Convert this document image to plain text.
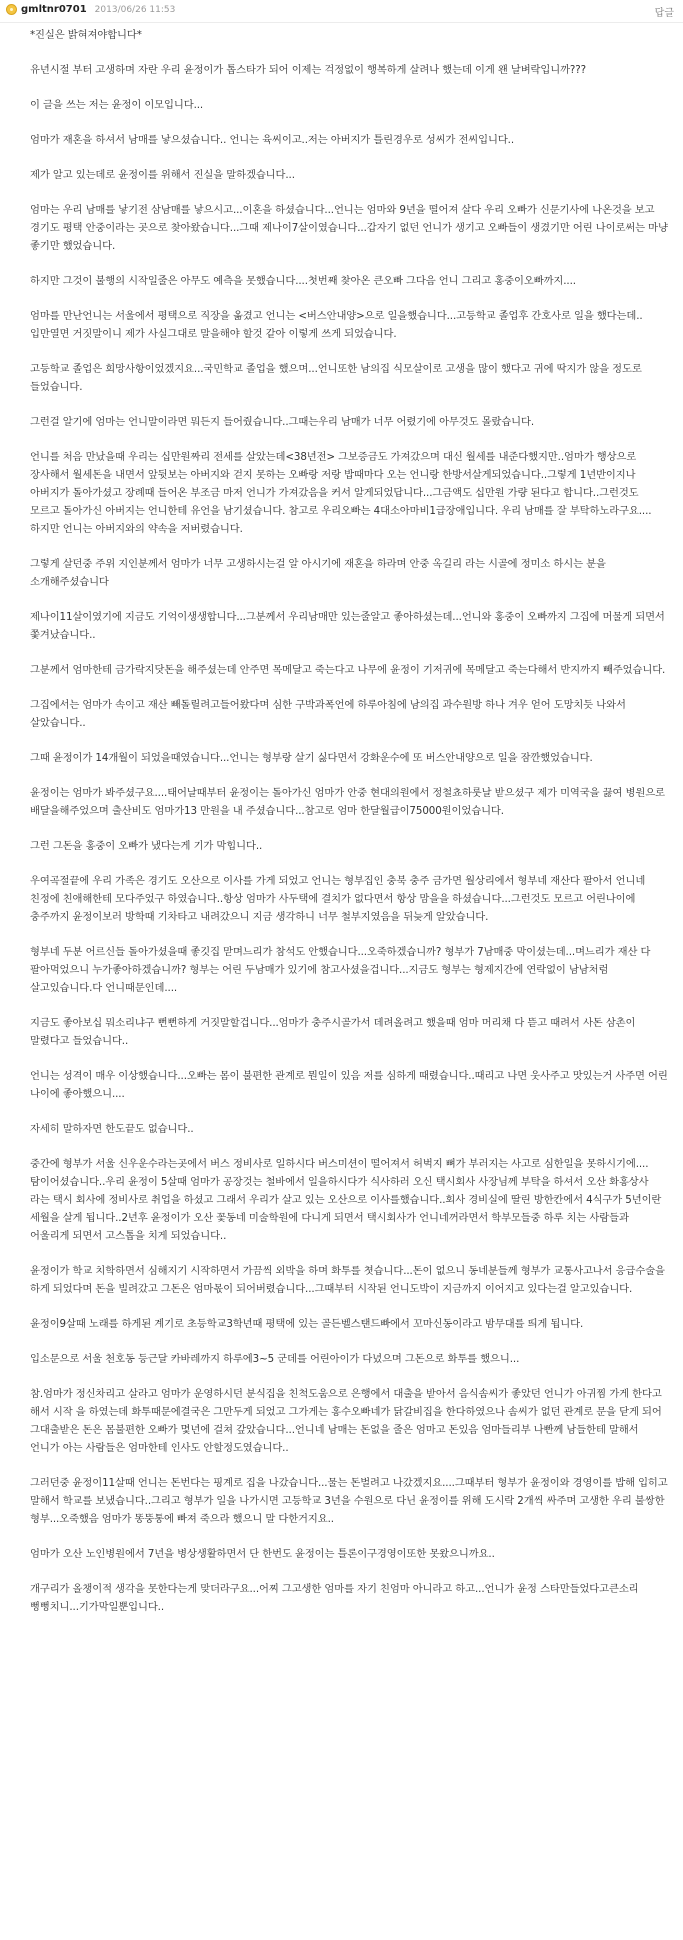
gmltnr0701 2013/06/26 11:53	답글

*진실은 밝혀져야합니다*

유년시절 부터 고생하며 자란 우리 윤정이가 톱스타가 되어 이제는 걱정없이 행복하게 살려나 했는데 이게 왠 날벼락입니까???

이 글을 쓰는 저는 윤정이 이모입니다...

엄마가 재혼을 하셔서 남매를 낳으셨습니다.. 언니는 육씨이고..저는 아버지가 틀린경우로 성씨가 전씨입니다..

제가 알고 있는데로 윤정이를 위해서 진실을 말하겠습니다...

엄마는 우리 남매를 낳기전 삼남매를 낳으시고...이혼을 하셨습니다...언니는 엄마와 9년을 떨어져 살다 우리 오빠가 신문기사에 나온것을 보고 경기도 평택 안중이라는 곳으로 찾아왔습니다...그때 제나이7살이였습니다...갑자기 없던 언니가 생기고 오빠들이 생겼기만 어린 나이로써는 마냥 좋기만 했었습니다.

하지만 그것이 불행의 시작일줄은 아무도 예측을 못했습니다....첫번째 찾아온 큰오빠 그다음 언니 그리고 홍중이오빠까지....

엄마를 만난언니는 서울에서 평택으로 직장을 옮겼고 언니는 <버스안내양>으로 일을했습니다...고등학교 졸업후 간호사로 일을 했다는데..입만열면 거짓말이니 제가 사실그대로 말을해야 할것 같아 이렇게 쓰게 되었습니다.

고등학교 졸업은 희망사항이었겠지요...국민학교 졸업을 했으며...언니또한 남의집 식모살이로 고생을 많이 했다고 귀에 딱지가 않을 정도로 들었습니다.

그런걸 알기에 엄마는 언니말이라면 뭐든지 들어줬습니다..그때는우리 남매가 너무 어렸기에 아무것도 몰랐습니다.

언니를 처음 만났을때 우리는 십만원짜리 전세를 살았는데<38년전> 그보증금도 가져갔으며 대신 월세를 내준다했지만..엄마가 행상으로 장사해서 월세돈을 내면서 앞뒷보는 아버지와 걷지 못하는 오빠랑 저랑 밥때마다 오는 언니랑 한방서살게되었습니다..그렇게 1년반이지나 아버지가 돌아가셨고 장례때 들어온 부조금 마저 언니가 가져갔음을 커서 알게되었답니다...그금액도 십만원 가량 된다고 합니다..그런것도 모르고 돌아가신 아버지는 언니한테 유언을 남기셨습니다. 참고로 우리오빠는 4대소아마비1급장애입니다. 우리 남매를 잘 부탁하노라구요....하지만 언니는 아버지와의 약속을 저버렸습니다.

그렇게 살던중 주위 지인분께서 엄마가 너무 고생하시는걸 알 아시기에 재혼을 하라며 안중 옥길리 라는 시골에 정미소 하시는 분을 소개해주셨습니다

제나이11살이였기에 지금도 기억이생생합니다...그분께서 우리남매만 있는줄알고 좋아하셨는데...언니와 홍중이 오빠까지 그집에 머물게 되면서 쫓겨났습니다..

그분께서 엄마한테 금가락지닷돈을 해주셨는데 안주면 목메달고 죽는다고 나무에 윤정이 기저귀에 목메달고 죽는다해서 반지까지 빼주었습니다.

그집에서는 엄마가 속이고 재산 빼돌릴려고들어왔다며 심한 구박과폭언에 하루아침에 남의집 과수원방 하나 겨우 얻어 도망치듯 나와서 살았습니다..

그때 윤정이가 14개월이 되었을때였습니다...언니는 형부랑 살기 싫다면서 강화운수에 또 버스안내양으로 일을 잠깐했었습니다.

윤정이는 엄마가 봐주셨구요....태어날때부터 윤정이는 돌아가신 엄마가 안중 현대의원에서 정철쵸하룻날 받으셨구 제가 미역국을 끓여 병원으로 배달을해주었으며 출산비도 엄마가13 만원을 내 주셨습니다...참고로 엄마 한달월급이75000원이었습니다.

그런 그돈을 홍중이 오빠가 냈다는게 기가 막힙니다..

우여곡절끝에 우리 가족은 경기도 오산으로 이사를 가게 되었고 언니는 형부집인 충북 충주 금가면 월상리에서 형부네 재산다 팔아서 언니네 친정에 친애해한테 모다주었구 하였습니다..항상 엄마가 사두택에 결치가 없다면서 항상 맘을을 하셨습니다...그런것도 모르고 어린나이에 충주까지 윤정이보러 방학때 기차타고 내려갔으니 지금 생각하니 너무 철부지였음을 뒤늦게 알았습니다.

형부네 두분 어르신들 돌아가셨을때 좋깃집 맏며느리가 참석도 안했습니다...오죽하겠습니까? 형부가 7남매중 막이셨는데...며느리가 재산 다 팔아먹었으니 누가좋아하겠습니까? 형부는 어린 두남매가 있기에 참고사셨을겁니다...지금도 형부는 형제지간에 연락없이 남남처럼 살고있습니다.다 언니때문인데....

지금도 좋아보십 뭐소리냐구 뻔뻔하게 거짓말할겁니다...엄마가 충주시골가서 데려올려고 했을때 엄마 머리채 다 뜯고 때려서 사돈 삼촌이 말렸다고 들었습니다..

언니는 성격이 매우 이상했습니다...오빠는 몸이 불편한 관계로 뭔일이 있음 저를 심하게 때렸습니다..때리고 나면 웃사주고 맛있는거 사주면 어린 나이에 좋아했으니....

자세히 말하자면 한도끝도 없습니다..

중간에 형부가 서울 신우운수라는곳에서 버스 정비사로 일하시다 버스미션이 떨어져서 허벅지 뼈가 부러지는 사고로 심한일을 못하시기에....탐이어셨습니다..우리 윤정이 5살때 엄마가 공장것는 철바에서 일을하시다가 식사하러 오신 택시회사 사장님께 부탁을 하셔서 오산 화홍상사 라는 택시 회사에 정비사로 취업을 하셨고 그래서 우리가 살고 있는 오산으로 이사를했습니다..회사 경비실에 딸린 방한칸에서 4식구가 5년이란 세월을 살게 됩니다..2년후 윤정이가 오산 꽃동네 미술학원에 다니게 되면서 택시회사가 언니네꺼라면서 학부모들중 하루 치는 사람들과 어울리게 되면서 고스톱을 치게 되었습니다..

윤정이가 학교 치학하면서 심해지기 시작하면서 가끔씩 외박을 하며 화투를 쳣습니다...돈이 없으니 동네분들께 형부가 교통사고나서 응급수술을 하게 되었다며 돈을 빌려갔고 그돈은 엄마몫이 되어버렸습니다...그때부터 시작된 언니도박이 지금까지 이어지고 있다는걸 알고있습니다.

윤정이9살때 노래를 하게된 계기로 초등학교3학년때 평택에 있는 골든벨스탠드빠에서 꼬마신동이라고 밤무대를 띄게 됩니다.

입소문으로 서울 천호동 등근달 카바레까지 하루에3~5 군데를 어린아이가 다녔으며 그돈으로 화투를 했으니...

참.엄마가 정신차리고 살라고 엄마가 운영하시던 분식집을 친척도움으로 은행에서 대출을 받아서 음식솜씨가 좋았던 언니가 아귀찜 가게 한다고 해서 시작 을 하였는데 화투때문에결국은 그만두게 되었고 그가게는 홍수오빠네가 닭갈비집을 한다하였으나 솜씨가 없던 관계로 문을 닫게 되어 그대출받은 돈은 몸불편한 오빠가 몇년에 걸쳐 갚았습니다...언니네 남매는 돈없을 줄은 엄마고 돈있음 엄마들리부 나빤께 남들한테 말해서 언니가 아는 사람들은 엄마한테 인사도 안할정도였습니다..

그러던중 윤정이11살때 언니는 돈번다는 핑계로 집을 나갔습니다...물는 돈벌려고 나갔겠지요....그때부터 형부가 윤정이와 경영이를 밥해 입히고 말해서 학교를 보냈습니다..그리고 형부가 일을 나가시면 고등학교 3년을 수원으로 다닌 윤정이를 위해 도시락 2개씩 싸주며 고생한 우리 불쌍한 형부...오죽했음 엄마가 똥뚱통에 빠져 죽으라 했으니 말 다한거지요..

엄마가 오산 노인병원에서 7년을 병상생활하면서 단 한번도 윤정이는 틀론이구경영이또한 못왔으니까요..

개구리가 올챙이적 생각을 못한다는게 맞더라구요...어찌 그고생한 엄마를 자기 친엄마 아니라고 하고...언니가 윤정 스타만들었다고큰소리 뻥뻥치니...기가막일뿐입니다..
